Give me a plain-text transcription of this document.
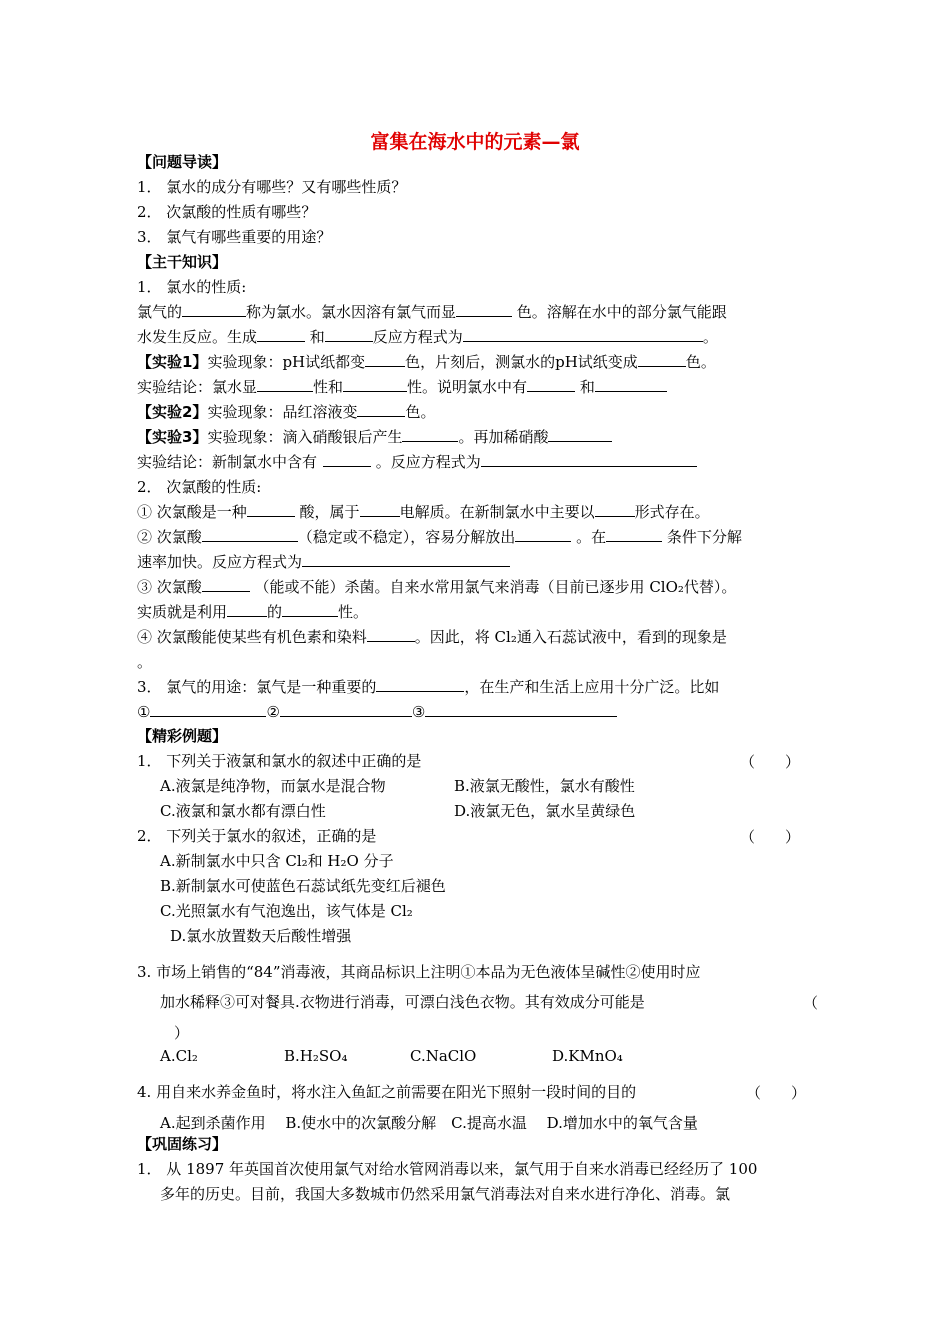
富集在海水中的元素—氯
【问题导读】
1． 氯水的成分有哪些？又有哪些性质？
2． 次氯酸的性质有哪些？
3． 氯气有哪些重要的用途？
【主干知识】
1． 氯水的性质:
氯气的	称为氯水。氯水因溶有氯气而显	色。溶解在水中的部分氯气能跟
水发生反应。生成	和	反应方程式为	。
【实验1】实验现象：pH试纸都变	色，片刻后，测氯水的pH试纸变成	色。
实验结论：氯水显	性和	性。说明氯水中有	和
【实验2】实验现象：品红溶液变	色。
【实验3】实验现象：滴入硝酸银后产生	。再加稀硝酸
实验结论：新制氯水中含有	。反应方程式为
2． 次氯酸的性质:
① 次氯酸是一种	酸，属于	电解质。在新制氯水中主要以	形式存在。
② 次氯酸	（稳定或不稳定），容易分解放出	。在	条件下分解
速率加快。反应方程式为
③ 次氯酸	（能或不能）杀菌。自来水常用氯气来消毒（目前已逐步用 ClO₂代替）。
实质就是利用	的	性。
④ 次氯酸能使某些有机色素和染料	。因此，将 Cl₂通入石蕊试液中，看到的现象是
。
3． 氯气的用途：氯气是一种重要的	，在生产和生活上应用十分广泛。比如
①	②	③
【精彩例题】
1． 下列关于液氯和氯水的叙述中正确的是	（　　）
A.液氯是纯净物，而氯水是混合物	B.液氯无酸性，氯水有酸性
C.液氯和氯水都有漂白性	D.液氯无色，氯水呈黄绿色
2． 下列关于氯水的叙述，正确的是	（　　）
A.新制氯水中只含 Cl₂和 H₂O 分子
B.新制氯水可使蓝色石蕊试纸先变红后褪色
C.光照氯水有气泡逸出，该气体是 Cl₂
D.氯水放置数天后酸性增强
3. 市场上销售的“84”消毒液，其商品标识上注明①本品为无色液体呈碱性②使用时应
加水稀释③可对餐具.衣物进行消毒，可漂白浅色衣物。其有效成分可能是	（
）
A.Cl₂	B.H₂SO₄	C.NaClO	D.KMnO₄
4. 用自来水养金鱼时，将水注入鱼缸之前需要在阳光下照射一段时间的目的	（　　）
A.起到杀菌作用　 B.使水中的次氯酸分解　C.提高水温　 D.增加水中的氧气含量
【巩固练习】
1． 从 1897 年英国首次使用氯气对给水管网消毒以来，氯气用于自来水消毒已经经历了 100
多年的历史。目前，我国大多数城市仍然采用氯气消毒法对自来水进行净化、消毒。氯
